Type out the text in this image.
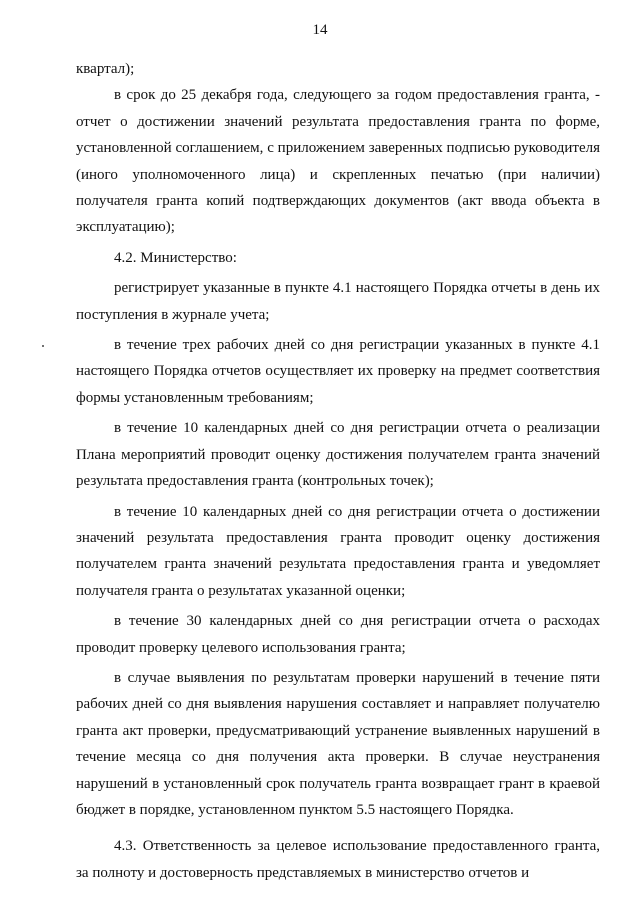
14

квартал);

в срок до 25 декабря года, следующего за годом предоставления гранта, - отчет о достижении значений результата предоставления гранта по форме, установленной соглашением, с приложением заверенных подписью руководителя (иного уполномоченного лица) и скрепленных печатью (при наличии) получателя гранта копий подтверждающих документов (акт ввода объекта в эксплуатацию);

4.2. Министерство:

регистрирует указанные в пункте 4.1 настоящего Порядка отчеты в день их поступления в журнале учета;

в течение трех рабочих дней со дня регистрации указанных в пункте 4.1 настоящего Порядка отчетов осуществляет их проверку на предмет соответствия формы установленным требованиям;

в течение 10 календарных дней со дня регистрации отчета о реализации Плана мероприятий проводит оценку достижения получателем гранта значений результата предоставления гранта (контрольных точек);

в течение 10 календарных дней со дня регистрации отчета о достижении значений результата предоставления гранта проводит оценку достижения получателем гранта значений результата предоставления гранта и уведомляет получателя гранта о результатах указанной оценки;

в течение 30 календарных дней со дня регистрации отчета о расходах проводит проверку целевого использования гранта;

в случае выявления по результатам проверки нарушений в течение пяти рабочих дней со дня выявления нарушения составляет и направляет получателю гранта акт проверки, предусматривающий устранение выявленных нарушений в течение месяца со дня получения акта проверки. В случае неустранения нарушений в установленный срок получатель гранта возвращает грант в краевой бюджет в порядке, установленном пунктом 5.5 настоящего Порядка.

4.3. Ответственность за целевое использование предоставленного гранта, за полноту и достоверность представляемых в министерство отчетов и
